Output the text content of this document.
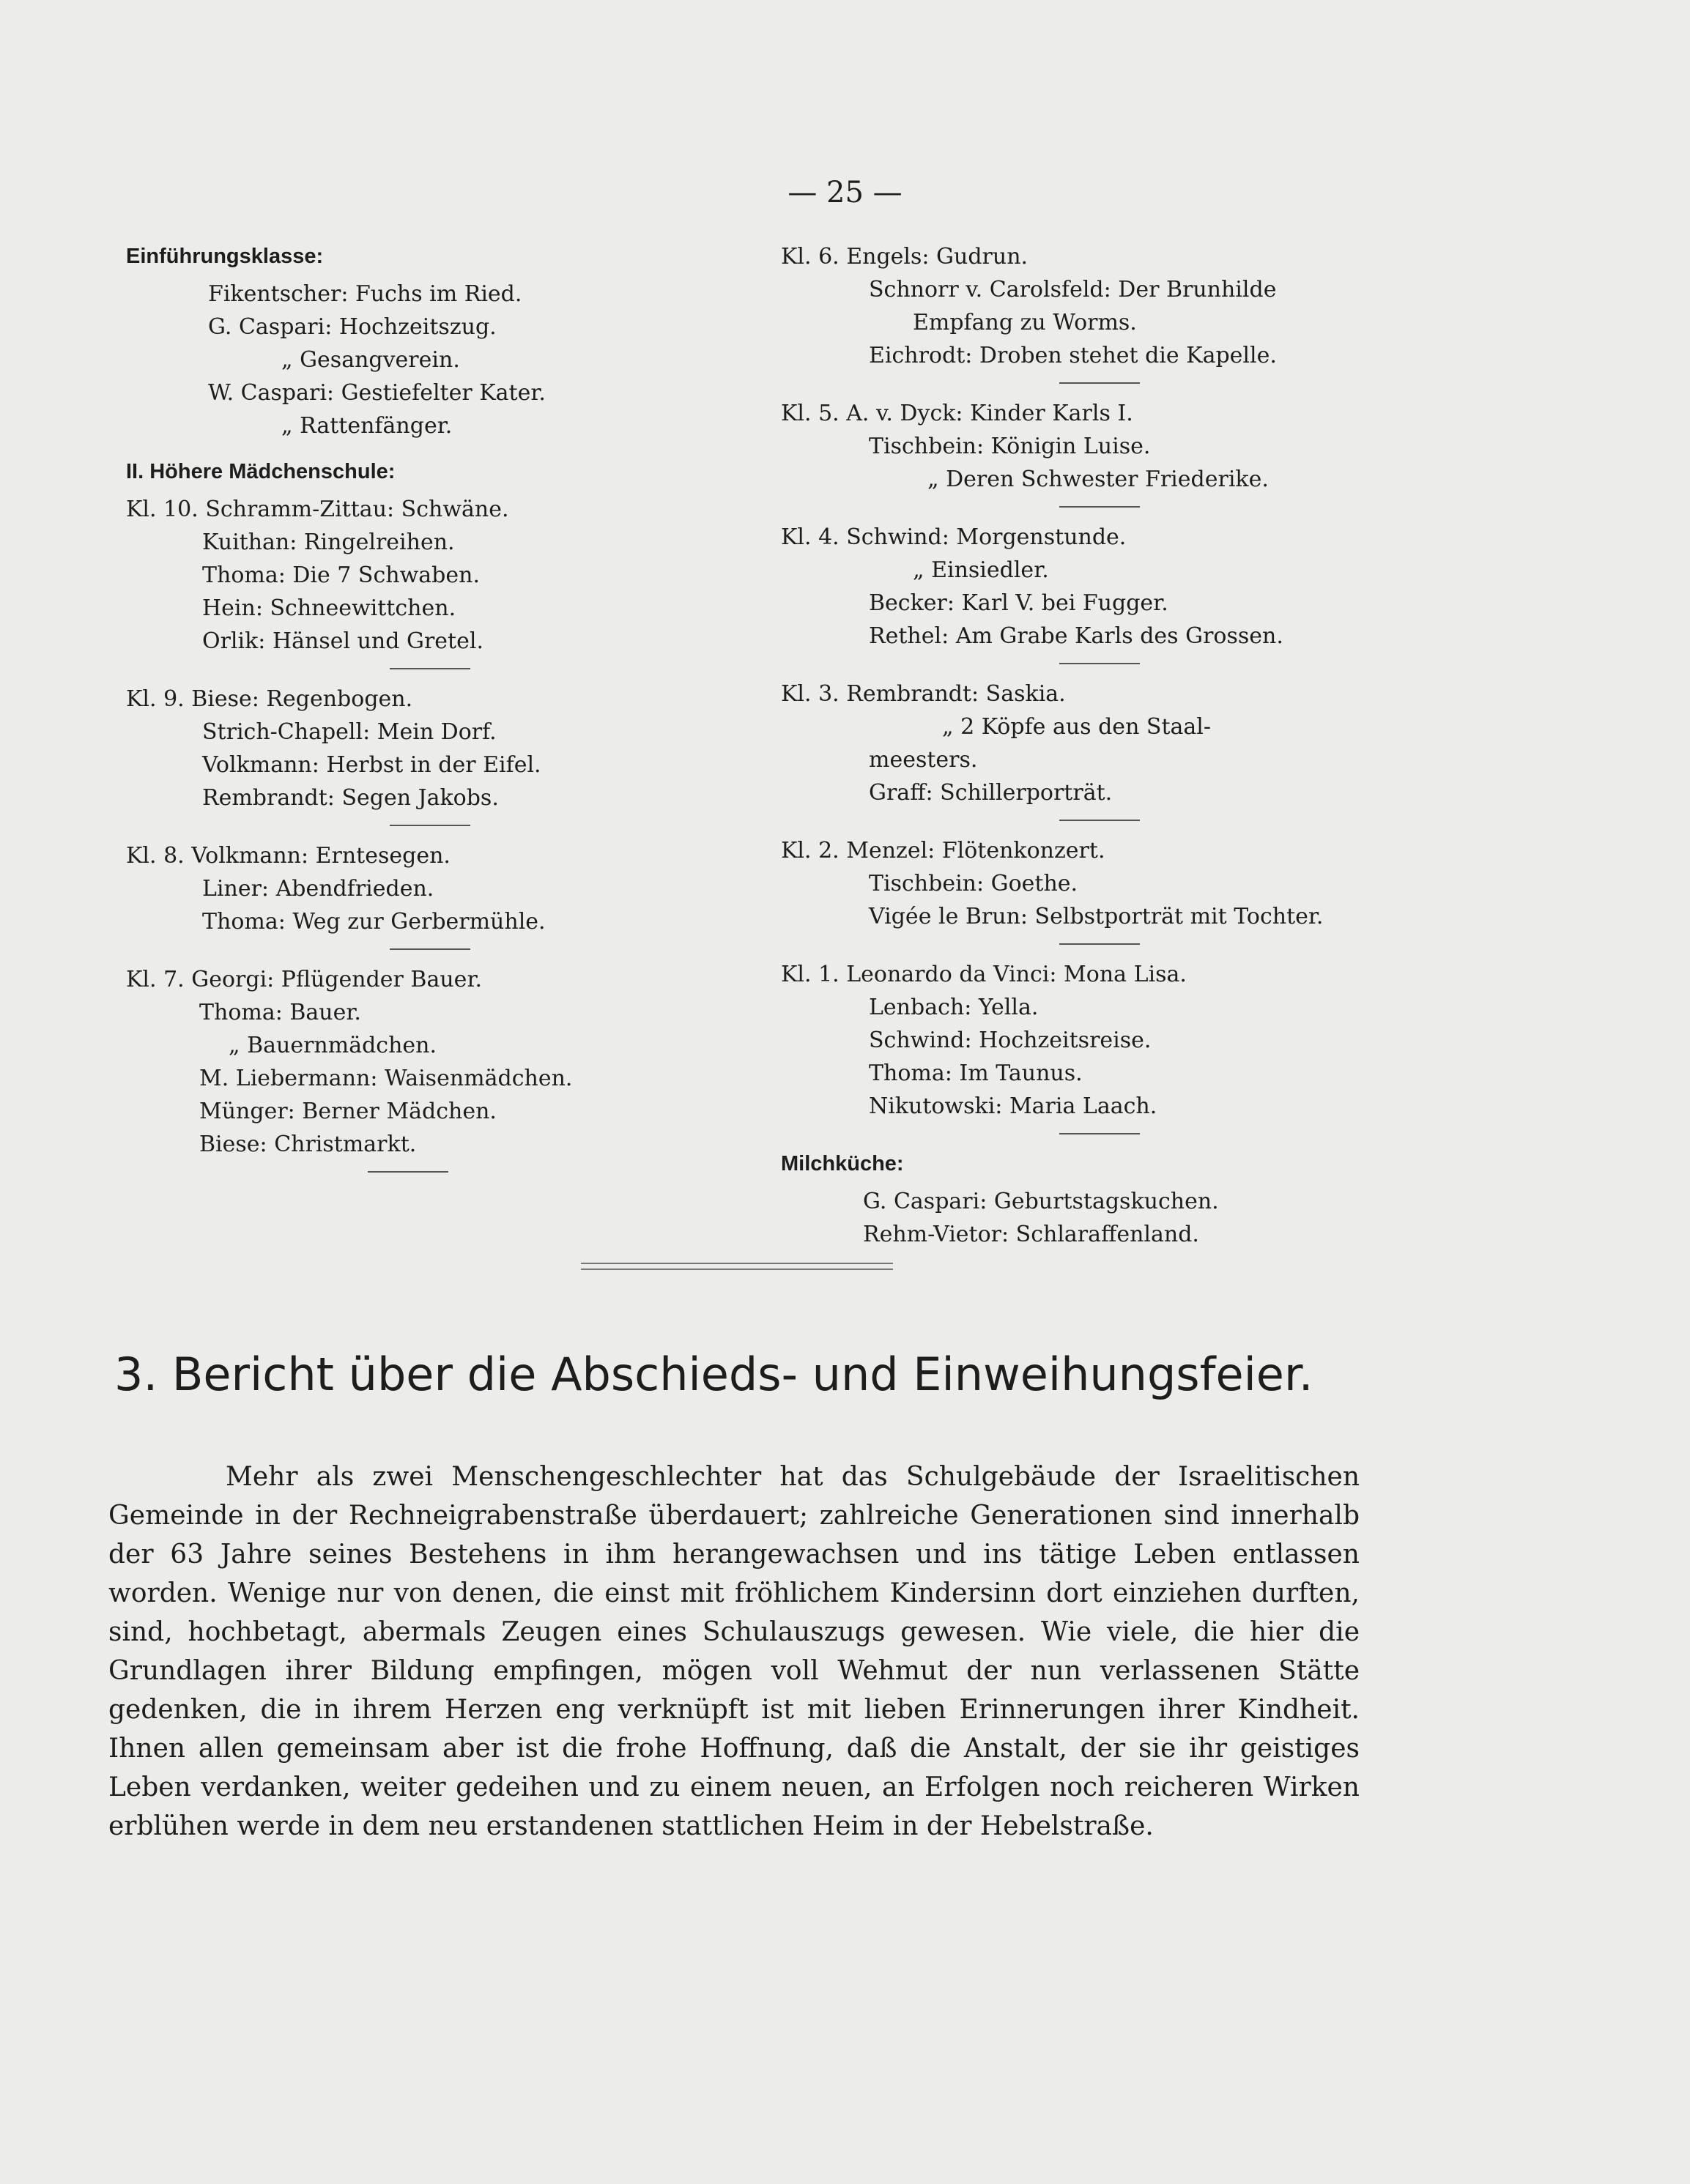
— 25 —
Einführungsklasse:
Fikentscher: Fuchs im Ried.
G. Caspari: Hochzeitszug.
„ Gesangverein.
W. Caspari: Gestiefelter Kater.
„ Rattenfänger.
II. Höhere Mädchenschule:
Kl. 10. Schramm-Zittau: Schwäne.
Kuithan: Ringelreihen.
Thoma: Die 7 Schwaben.
Hein: Schneewittchen.
Orlik: Hänsel und Gretel.
Kl. 9. Biese: Regenbogen.
Strich-Chapell: Mein Dorf.
Volkmann: Herbst in der Eifel.
Rembrandt: Segen Jakobs.
Kl. 8. Volkmann: Erntesegen.
Liner: Abendfrieden.
Thoma: Weg zur Gerbermühle.
Kl. 7. Georgi: Pflügender Bauer.
Thoma: Bauer.
„ Bauernmädchen.
M. Liebermann: Waisenmädchen.
Münger: Berner Mädchen.
Biese: Christmarkt.
Kl. 6. Engels: Gudrun.
Schnorr v. Carolsfeld: Der Brunhilde
Empfang zu Worms.
Eichrodt: Droben stehet die Kapelle.
Kl. 5. A. v. Dyck: Kinder Karls I.
Tischbein: Königin Luise.
„ Deren Schwester Friederike.
Kl. 4. Schwind: Morgenstunde.
„ Einsiedler.
Becker: Karl V. bei Fugger.
Rethel: Am Grabe Karls des Grossen.
Kl. 3. Rembrandt: Saskia.
„ 2 Köpfe aus den Staal-
meesters.
Graff: Schillerporträt.
Kl. 2. Menzel: Flötenkonzert.
Tischbein: Goethe.
Vigée le Brun: Selbstporträt mit Tochter.
Kl. 1. Leonardo da Vinci: Mona Lisa.
Lenbach: Yella.
Schwind: Hochzeitsreise.
Thoma: Im Taunus.
Nikutowski: Maria Laach.
Milchküche:
G. Caspari: Geburtstagskuchen.
Rehm-Vietor: Schlaraffenland.
3. Bericht über die Abschieds- und Einweihungsfeier.
Mehr als zwei Menschengeschlechter hat das Schulgebäude der Israelitischen Gemeinde in der Rechneigrabenstraße überdauert; zahlreiche Generationen sind innerhalb der 63 Jahre seines Bestehens in ihm herangewachsen und ins tätige Leben entlassen worden. Wenige nur von denen, die einst mit fröhlichem Kindersinn dort einziehen durften, sind, hochbetagt, abermals Zeugen eines Schulauszugs gewesen. Wie viele, die hier die Grundlagen ihrer Bildung empfingen, mögen voll Wehmut der nun verlassenen Stätte gedenken, die in ihrem Herzen eng verknüpft ist mit lieben Erinnerungen ihrer Kindheit. Ihnen allen gemeinsam aber ist die frohe Hoffnung, daß die Anstalt, der sie ihr geistiges Leben verdanken, weiter gedeihen und zu einem neuen, an Erfolgen noch reicheren Wirken erblühen werde in dem neu erstandenen stattlichen Heim in der Hebelstraße.
